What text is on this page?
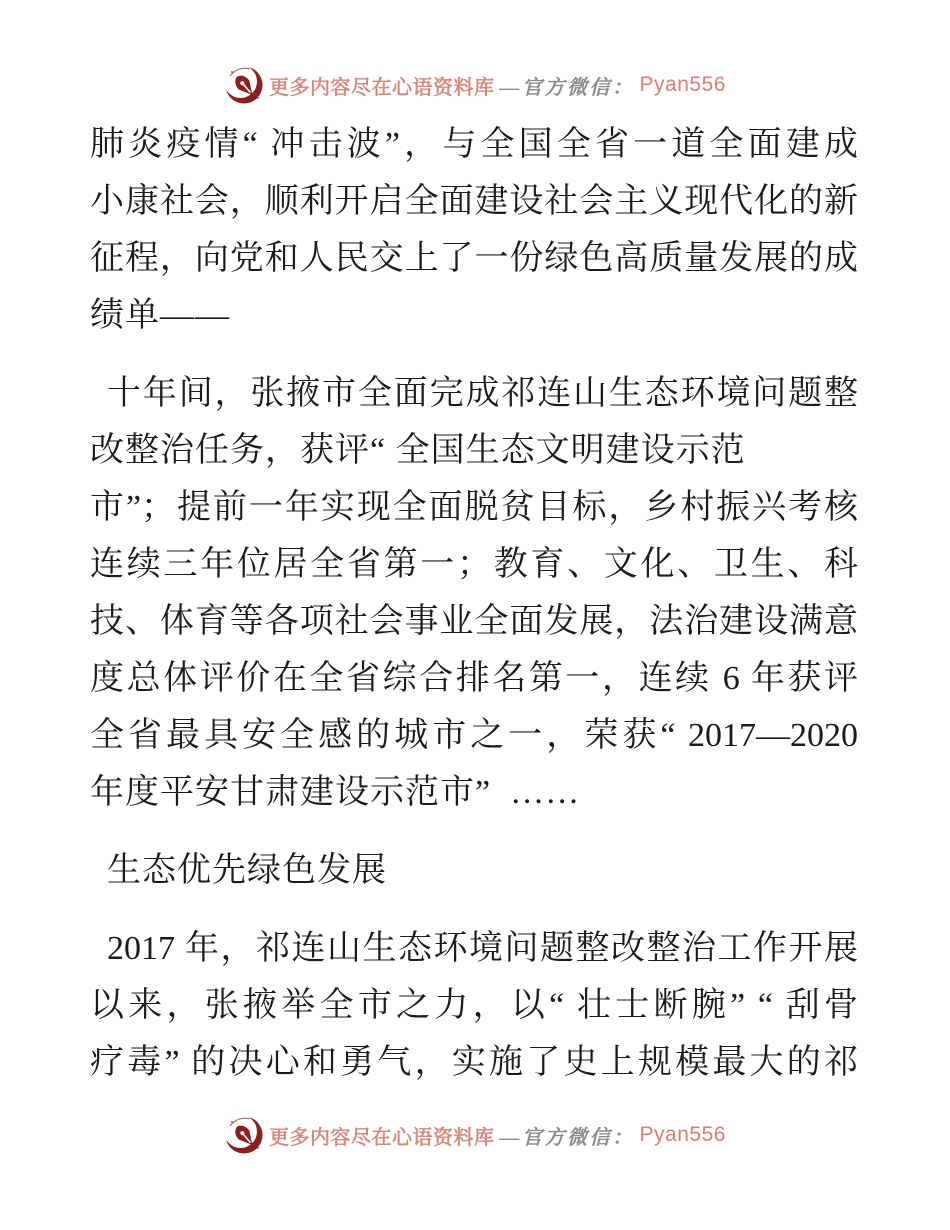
更多内容尽在心语资料库 —官方微信： Pyan556
肺炎疫情“ 冲击波”，与全国全省一道全面建成
小康社会，顺利开启全面建设社会主义现代化的新
征程，向党和人民交上了一份绿色高质量发展的成
绩单——
十年间，张掖市全面完成祁连山生态环境问题整
改整治任务，获评“ 全国生态文明建设示范
市”；提前一年实现全面脱贫目标，乡村振兴考核
连续三年位居全省第一；教育、文化、卫生、科
技、体育等各项社会事业全面发展，法治建设满意
度总体评价在全省综合排名第一，连续 6 年获评
全省最具安全感的城市之一，荣获“ 2017—2020
年度平安甘肃建设示范市”  ……
生态优先绿色发展
2017 年，祁连山生态环境问题整改整治工作开展
以来，张掖举全市之力，以“ 壮士断腕” “ 刮骨
疗毒” 的决心和勇气，实施了史上规模最大的祁
更多内容尽在心语资料库 —官方微信： Pyan556
